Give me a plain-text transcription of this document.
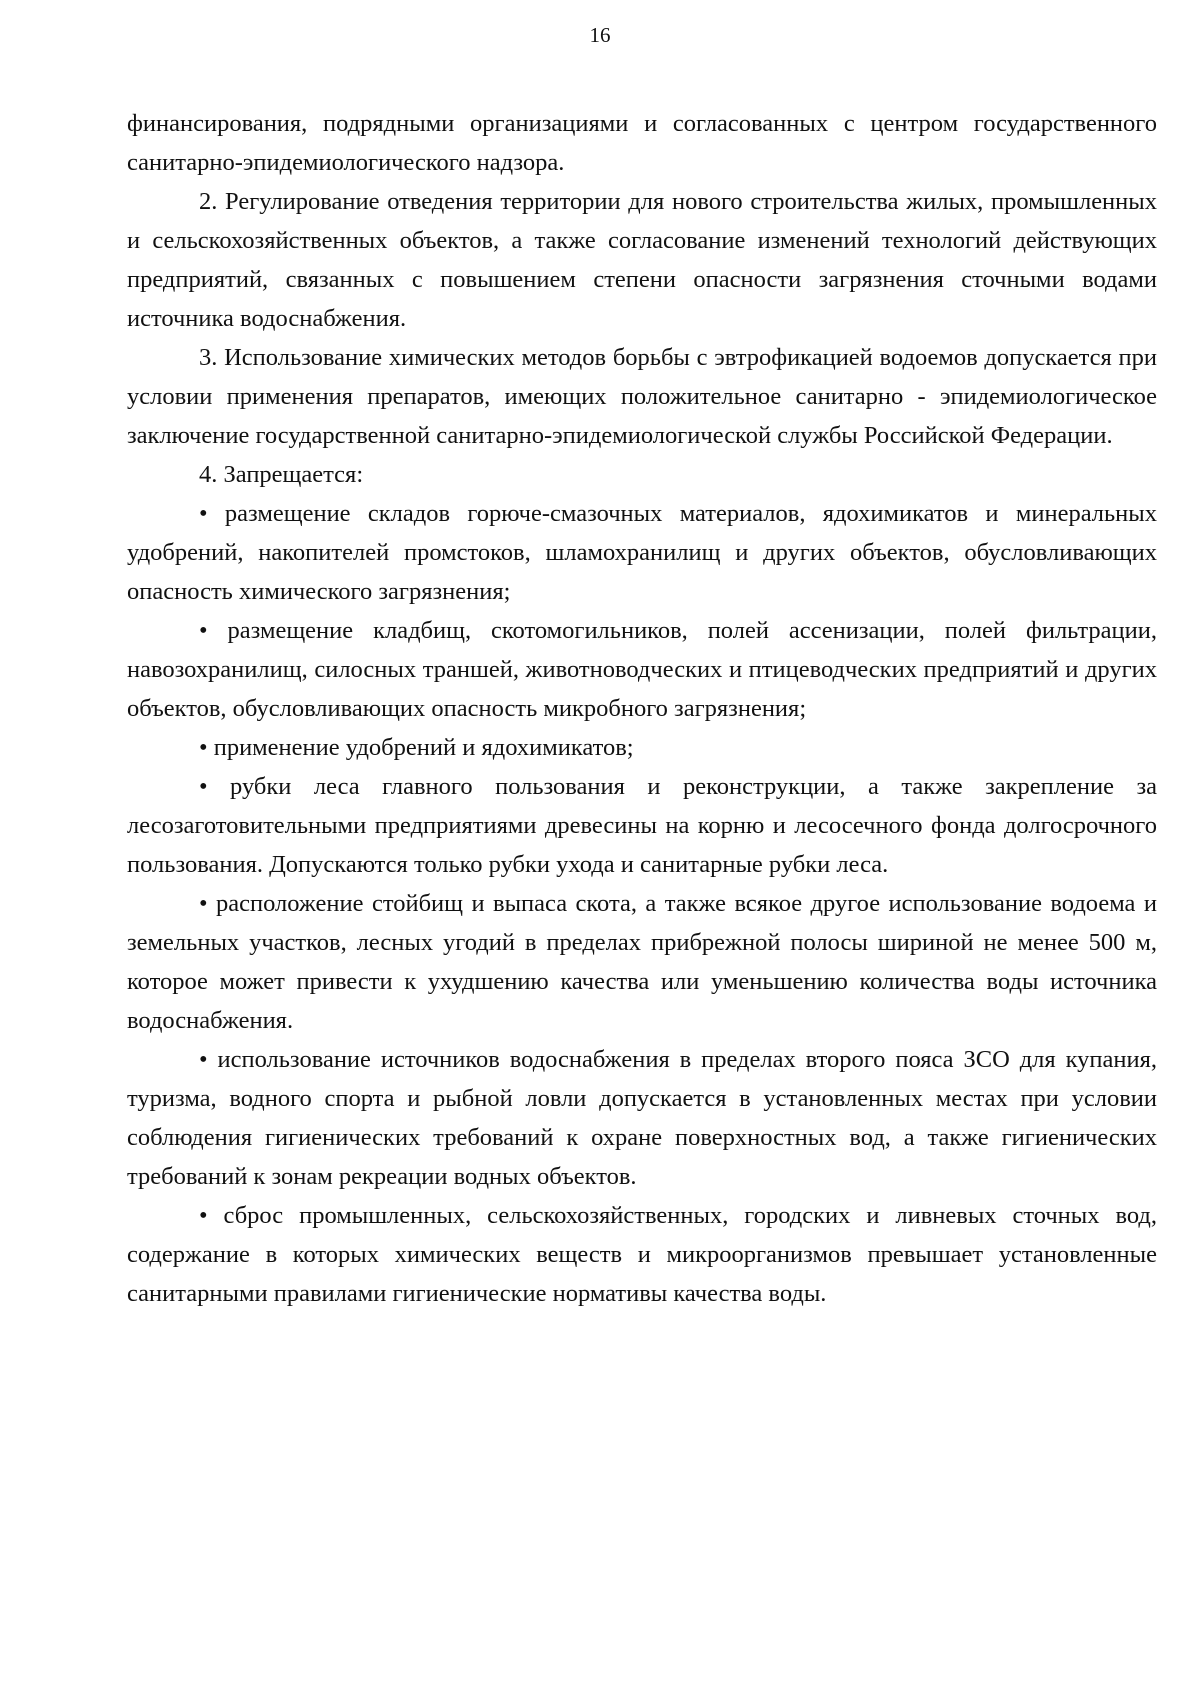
16

финансирования, подрядными организациями и согласованных с центром государственного санитарно-эпидемиологического надзора.

2. Регулирование отведения территории для нового строительства жилых, промышленных и сельскохозяйственных объектов, а также согласование изменений технологий действующих предприятий, связанных с повышением степени опасности загрязнения сточными водами источника водоснабжения.

3. Использование химических методов борьбы с эвтрофикацией водоемов допускается при условии применения препаратов, имеющих положительное санитарно - эпидемиологическое заключение государственной санитарно-эпидемиологической службы Российской Федерации.

4. Запрещается:

• размещение складов горюче-смазочных материалов, ядохимикатов и минеральных удобрений, накопителей промстоков, шламохранилищ и других объектов, обусловливающих опасность химического загрязнения;

• размещение кладбищ, скотомогильников, полей ассенизации, полей фильтрации, навозохранилищ, силосных траншей, животноводческих и птицеводческих предприятий и других объектов, обусловливающих опасность микробного загрязнения;

• применение удобрений и ядохимикатов;

• рубки леса главного пользования и реконструкции, а также закрепление за лесозаготовительными предприятиями древесины на корню и лесосечного фонда долгосрочного пользования. Допускаются только рубки ухода и санитарные рубки леса.

• расположение стойбищ и выпаса скота, а также всякое другое использование водоема и земельных участков, лесных угодий в пределах прибрежной полосы шириной не менее 500 м, которое может привести к ухудшению качества или уменьшению количества воды источника водоснабжения.

• использование источников водоснабжения в пределах второго пояса ЗСО для купания, туризма, водного спорта и рыбной ловли допускается в установленных местах при условии соблюдения гигиенических требований к охране поверхностных вод, а также гигиенических требований к зонам рекреации водных объектов.

• сброс промышленных, сельскохозяйственных, городских и ливневых сточных вод, содержание в которых химических веществ и микроорганизмов превышает установленные санитарными правилами гигиенические нормативы качества воды.
